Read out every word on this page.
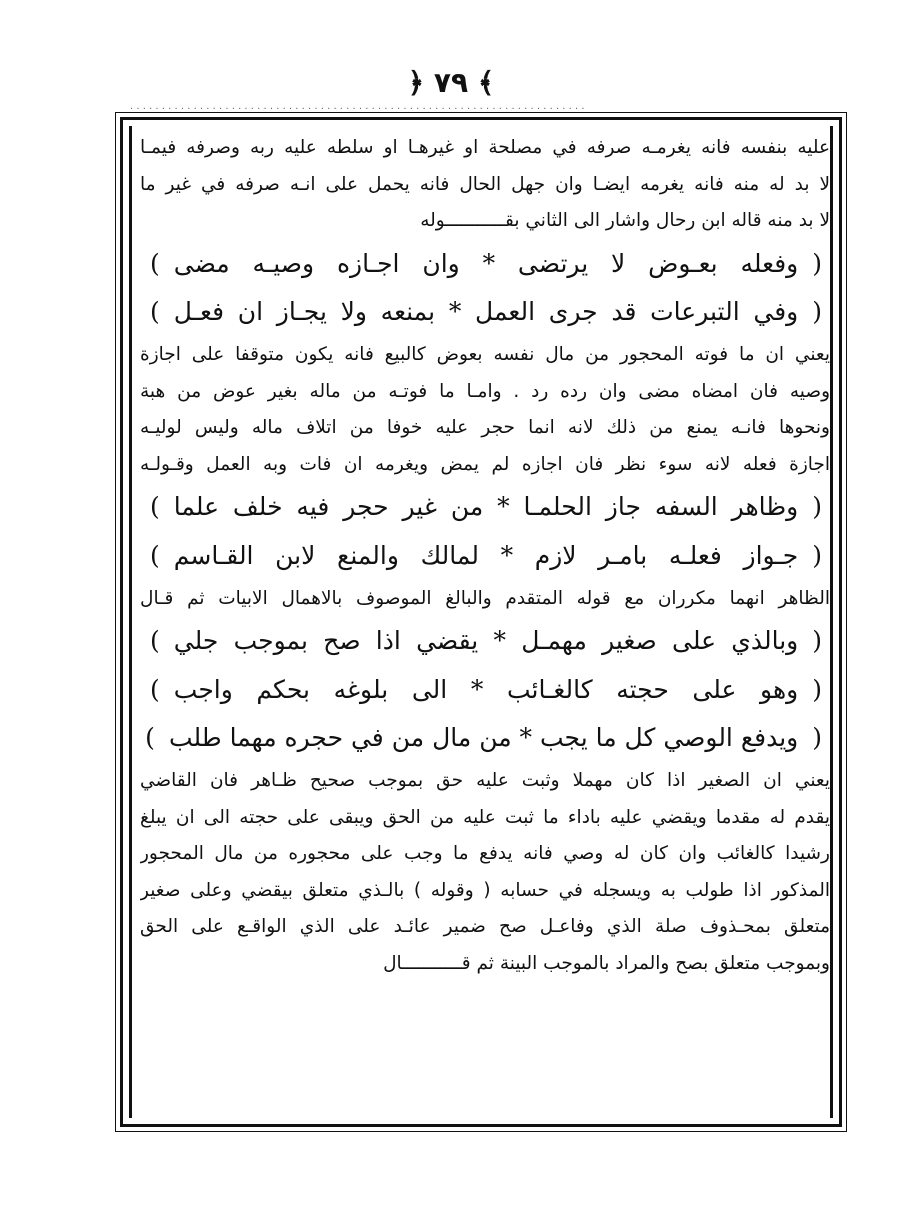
﴿ ٧٩ ﴾
· · · · · · · · · · · · · · · · · · · · · · · · · · · · · · · · · · · · · · · · · · · · · · · · · · · · · · · · · · · · · · · · · · · · · · · ·
عليه بنفسه فانه يغرمـه صرفه في مصلحة او غيرهـا او سلطه عليه ربه وصرفه فيمـا
لا بد له منه فانه يغرمه ايضـا وان جهل الحال فانه يحمل على انـه صرفه في غير ما
لا بد منه قاله ابن رحال واشار الى الثاني بقـــــــــــوله
(
وفعله بعـوض لا يرتضى * وان اجـازه وصيـه مضى
)
(
وفي التبرعات قد جرى العمل * بمنعه ولا يجـاز ان فعـل
)
يعني ان ما فوته المحجور من مال نفسه بعوض كالبيع فانه يكون متوقفا على اجازة
وصيه فان امضاه مضى وان رده رد . وامـا ما فوتـه من ماله بغير عوض من هبة
ونحوها فانـه يمنع من ذلك لانه انما حجر عليه خوفا من اتلاف ماله وليس لوليـه
اجازة فعله لانه سوء نظر فان اجازه لم يمض ويغرمه ان فات وبه العمل وقـولـه
(
وظاهر السفه جاز الحلمـا * من غير حجر فيه خلف علما
)
(
جـواز فعلـه بامـر لازم * لمالك والمنع لابن القـاسم
)
الظاهر انهما مكرران مع قوله المتقدم والبالغ الموصوف بالاهمال الابيات ثم قـال
(
وبالذي على صغير مهمـل * يقضي اذا صح بموجب جلي
)
(
وهو على حجته كالغـائب * الى بلوغه بحكم واجب
)
(
ويدفع الوصي كل ما يجب * من مال من في حجره مهما طلب
)
يعني ان الصغير اذا كان مهملا وثبت عليه حق بموجب صحيح ظـاهر فان القاضي
يقدم له مقدما ويقضي عليه باداء ما ثبت عليه من الحق ويبقى على حجته الى ان يبلغ
رشيدا كالغائب وان كان له وصي فانه يدفع ما وجب على محجوره من مال المحجور
المذكور اذا طولب به ويسجله في حسابه ( وقوله ) بالـذي متعلق بيقضي وعلى صغير
متعلق بمحـذوف صلة الذي وفاعـل صح ضمير عائـد على الذي الواقـع على الحق
وبموجب متعلق بصح والمراد بالموجب البينة ثم قـــــــــــال
